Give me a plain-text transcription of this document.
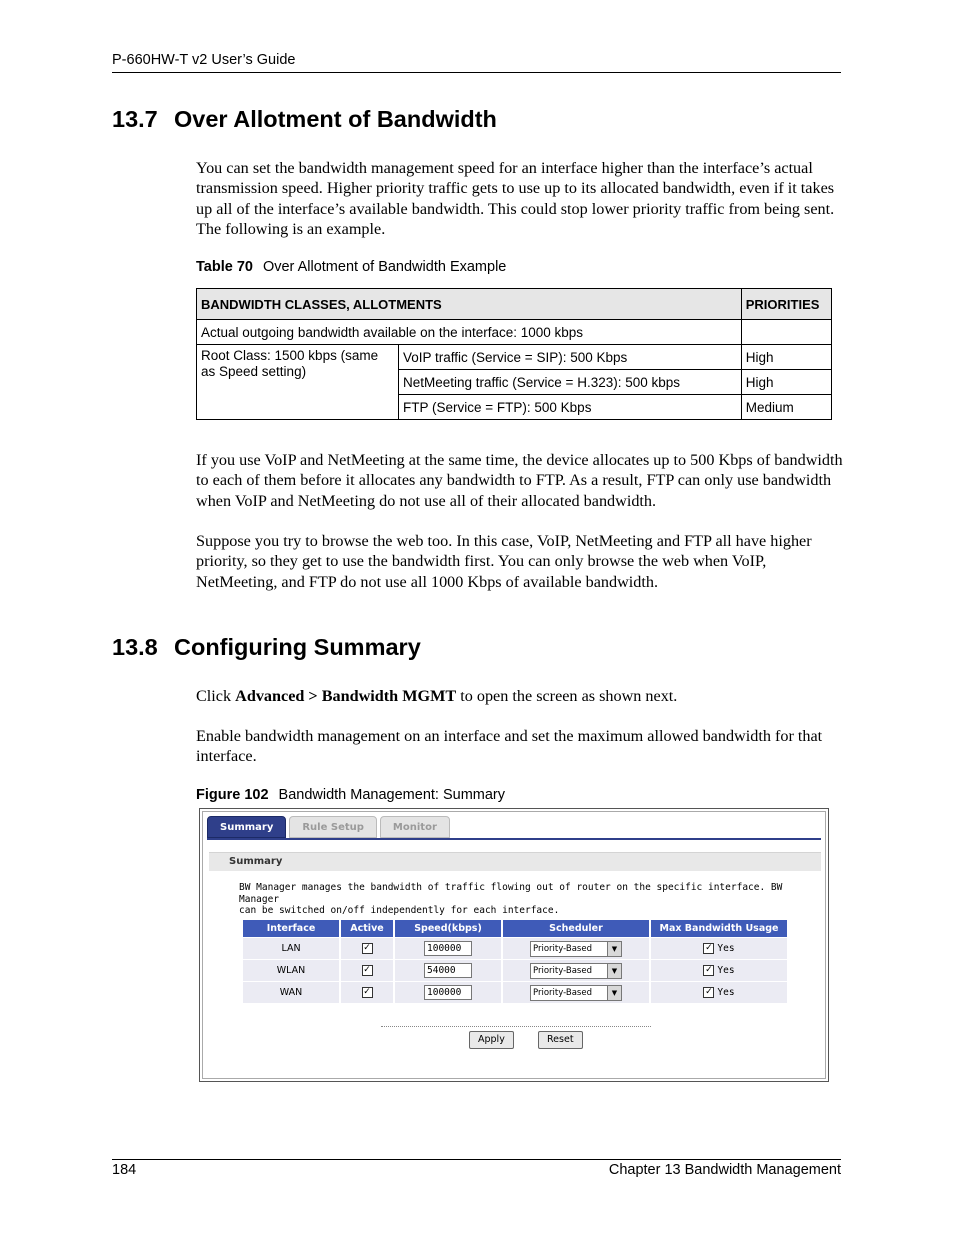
P-660HW-T v2 User’s Guide
13.7 Over Allotment of Bandwidth

You can set the bandwidth management speed for an interface higher than the interface’s actual transmission speed. Higher priority traffic gets to use up to its allocated bandwidth, even if it takes up all of the interface’s available bandwidth. This could stop lower priority traffic from being sent. The following is an example.

Table 70 Over Allotment of Bandwidth Example
BANDWIDTH CLASSES, ALLOTMENTS		PRIORITIES
Actual outgoing bandwidth available on the interface: 1000 kbps		
Root Class: 1500 kbps (same as Speed setting)	VoIP traffic (Service = SIP): 500 Kbps	High
	NetMeeting traffic (Service = H.323): 500 kbps	High
	FTP (Service = FTP): 500 Kbps	Medium

If you use VoIP and NetMeeting at the same time, the device allocates up to 500 Kbps of bandwidth to each of them before it allocates any bandwidth to FTP. As a result, FTP can only use bandwidth when VoIP and NetMeeting do not use all of their allocated bandwidth.

Suppose you try to browse the web too. In this case, VoIP, NetMeeting and FTP all have higher priority, so they get to use the bandwidth first. You can only browse the web when VoIP, NetMeeting, and FTP do not use all 1000 Kbps of available bandwidth.

13.8 Configuring Summary

Click Advanced > Bandwidth MGMT to open the screen as shown next.

Enable bandwidth management on an interface and set the maximum allowed bandwidth for that interface.

Figure 102 Bandwidth Management: Summary
Summary	Rule Setup	Monitor
Summary
BW Manager manages the bandwidth of traffic flowing out of router on the specific interface. BW Manager
can be switched on/off independently for each interface.
Interface	Active	Speed(kbps)	Scheduler	Max Bandwidth Usage
LAN	✓	100000	Priority-Based ▼	✓ Yes
WLAN	✓	54000	Priority-Based ▼	✓ Yes
WAN	✓	100000	Priority-Based ▼	✓ Yes
Apply	Reset
184	Chapter 13 Bandwidth Management
